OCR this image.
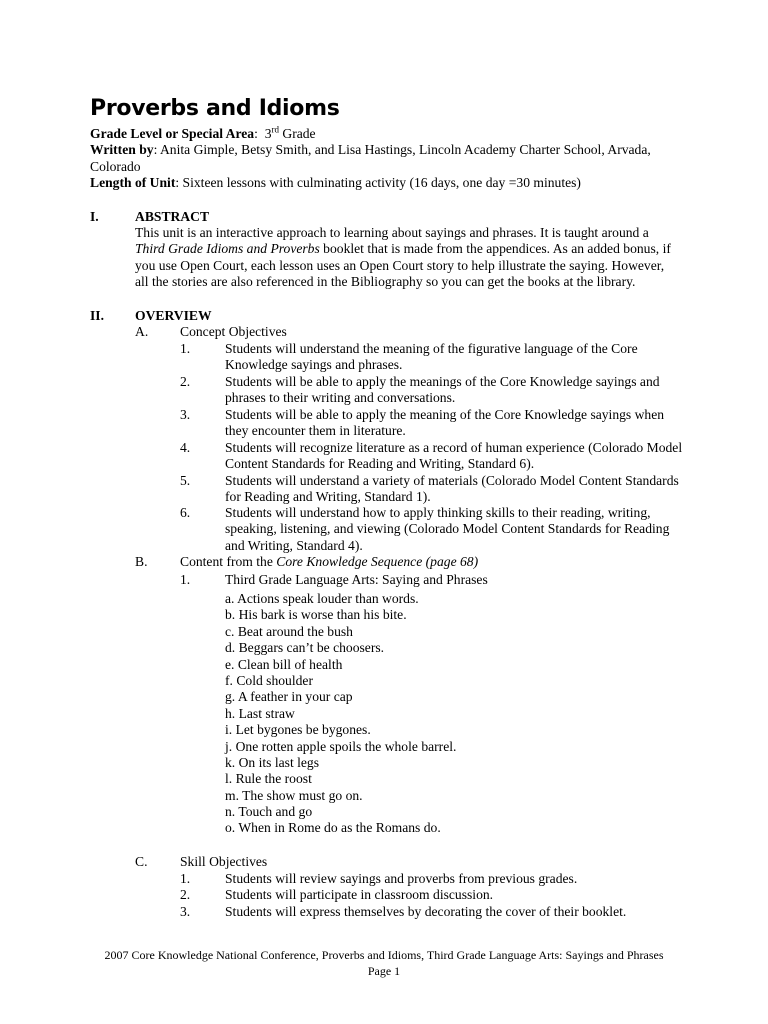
Proverbs and Idioms
Grade Level or Special Area:  3rd Grade
Written by: Anita Gimple, Betsy Smith, and Lisa Hastings, Lincoln Academy Charter School, Arvada, Colorado
Length of Unit: Sixteen lessons with culminating activity (16 days, one day =30 minutes)
I.	ABSTRACT
This unit is an interactive approach to learning about sayings and phrases. It is taught around a Third Grade Idioms and Proverbs booklet that is made from the appendices. As an added bonus, if you use Open Court, each lesson uses an Open Court story to help illustrate the saying. However, all the stories are also referenced in the Bibliography so you can get the books at the library.
II. OVERVIEW
A. Concept Objectives
1.	Students will understand the meaning of the figurative language of the Core Knowledge sayings and phrases.
2.	Students will be able to apply the meanings of the Core Knowledge sayings and phrases to their writing and conversations.
3.	Students will be able to apply the meaning of the Core Knowledge sayings when they encounter them in literature.
4.	Students will recognize literature as a record of human experience (Colorado Model Content Standards for Reading and Writing, Standard 6).
5.	Students will understand a variety of materials (Colorado Model Content Standards for Reading and Writing, Standard 1).
6.	Students will understand how to apply thinking skills to their reading, writing, speaking, listening, and viewing (Colorado Model Content Standards for Reading and Writing, Standard 4).
B. Content from the Core Knowledge Sequence (page 68)
1.	Third Grade Language Arts: Saying and Phrases
a. Actions speak louder than words.
b. His bark is worse than his bite.
c. Beat around the bush
d. Beggars can’t be choosers.
e. Clean bill of health
f. Cold shoulder
g. A feather in your cap
h. Last straw
i. Let bygones be bygones.
j. One rotten apple spoils the whole barrel.
k. On its last legs
l. Rule the roost
m. The show must go on.
n. Touch and go
o. When in Rome do as the Romans do.
C. Skill Objectives
1.	Students will review sayings and proverbs from previous grades.
2.	Students will participate in classroom discussion.
3.	Students will express themselves by decorating the cover of their booklet.
2007 Core Knowledge National Conference, Proverbs and Idioms, Third Grade Language Arts: Sayings and Phrases
Page 1
